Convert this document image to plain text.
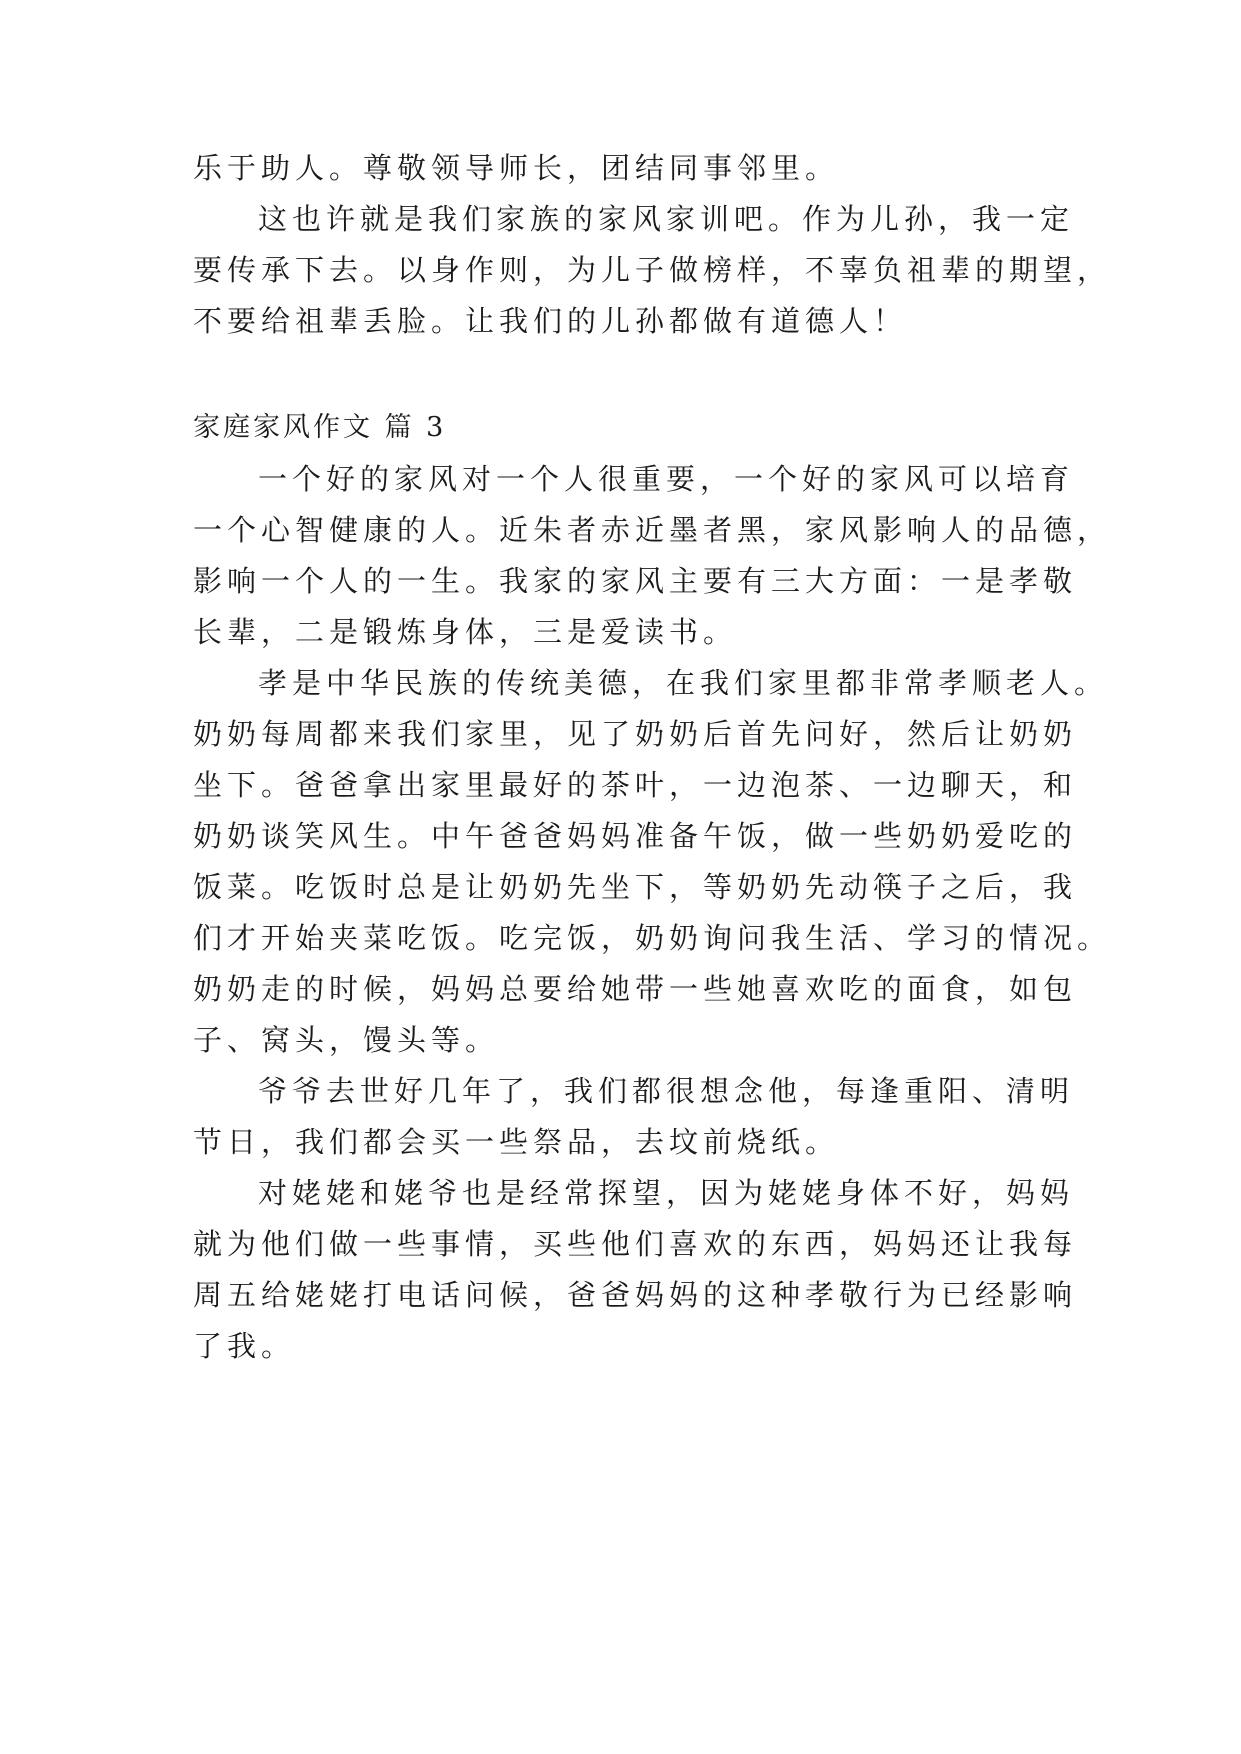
乐于助人。尊敬领导师长，团结同事邻里。
这也许就是我们家族的家风家训吧。作为儿孙，我一定
要传承下去。以身作则，为儿子做榜样，不辜负祖辈的期望，
不要给祖辈丢脸。让我们的儿孙都做有道德人！
家庭家风作文 篇 3
一个好的家风对一个人很重要，一个好的家风可以培育
一个心智健康的人。近朱者赤近墨者黑，家风影响人的品德，
影响一个人的一生。我家的家风主要有三大方面：一是孝敬
长辈，二是锻炼身体，三是爱读书。
孝是中华民族的传统美德，在我们家里都非常孝顺老人。
奶奶每周都来我们家里，见了奶奶后首先问好，然后让奶奶
坐下。爸爸拿出家里最好的茶叶，一边泡茶、一边聊天，和
奶奶谈笑风生。中午爸爸妈妈准备午饭，做一些奶奶爱吃的
饭菜。吃饭时总是让奶奶先坐下，等奶奶先动筷子之后，我
们才开始夹菜吃饭。吃完饭，奶奶询问我生活、学习的情况。
奶奶走的时候，妈妈总要给她带一些她喜欢吃的面食，如包
子、窝头，馒头等。
爷爷去世好几年了，我们都很想念他，每逢重阳、清明
节日，我们都会买一些祭品，去坟前烧纸。
对姥姥和姥爷也是经常探望，因为姥姥身体不好，妈妈
就为他们做一些事情，买些他们喜欢的东西，妈妈还让我每
周五给姥姥打电话问候，爸爸妈妈的这种孝敬行为已经影响
了我。
